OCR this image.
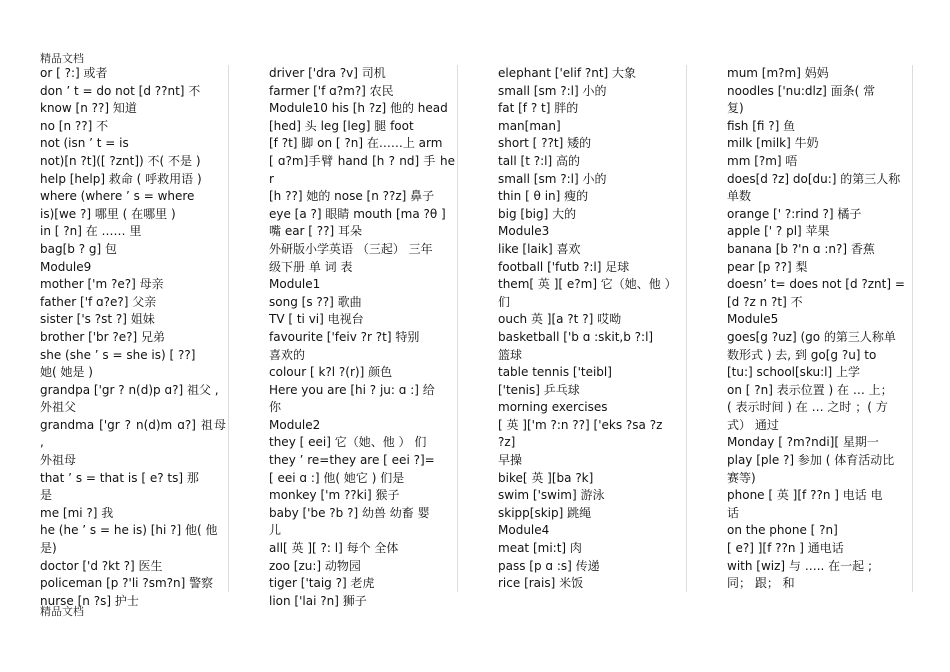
精品文档
or [ ?:] 或者
don ’ t = do not [d ??nt] 不
know [n ??] 知道
no [n ??] 不
not (isn ’ t = is
not)[n ?t]([ ?znt]) 不( 不是 )
help [help] 救命 ( 呼救用语 )
where (where ’ s = where
is)[we ?] 哪里 ( 在哪里 )
in [ ?n] 在 …… 里
bag[b ? g] 包
Module9
mother ['m ?e?] 母亲
father ['f ɑ?e?] 父亲
sister ['s ?st ?] 姐妹
brother ['br ?e?] 兄弟
she (she ’ s = she is) [ ??]
她( 她是 )
grandpa ['gr ? n(d)p ɑ?] 祖父 ,
外祖父
grandma ['gr ? n(d)m ɑ?] 祖母 ,
外祖母
that ’ s = that is [ e? ts] 那
是
me [mi ?] 我
he (he ’ s = he is) [hi ?] 他( 他
是)
doctor ['d ?kt ?] 医生
policeman [p ?'li ?sm?n] 警察
nurse [n ?s] 护士
driver ['dra ?v] 司机
farmer ['f ɑ?m?] 农民
Module10 his [h ?z] 他的 head
[hed] 头 leg [leg] 腿 foot
[f ?t] 脚 on [ ?n] 在……上 arm
[ ɑ?m]手臂 hand [h ? nd] 手 her
[h ??] 她的 nose [n ??z] 鼻子
eye [a ?] 眼睛 mouth [ma ?θ ]
嘴 ear [ ??] 耳朵
外研版小学英语 （三起） 三年
级下册 单 词 表
Module1
song [s ??] 歌曲
TV [ ti vi] 电视台
favourite ['feiv ?r ?t] 特别
喜欢的
colour [ k?l ?(r)] 颜色
Here you are [hi ? ju: ɑ :] 给
你
Module2
they [ eei] 它（她、他 ） 们
they ’ re=they are [ eei ?]=
[ eei ɑ :] 他( 她它 ) 们是
monkey ['m ??ki] 猴子
baby ['be ?b ?] 幼兽 幼畜 婴
儿
all[ 英 ][ ?: l] 每个 全体
zoo [zu:] 动物园
tiger ['taig ?] 老虎
lion ['lai ?n] 狮子
elephant ['elif ?nt] 大象
small [sm ?:l] 小的
fat [f ? t] 胖的
man[man]
short [ ??t] 矮的
tall [t ?:l] 高的
small [sm ?:l] 小的
thin [ θ in] 瘦的
big [big] 大的
Module3
like [laik] 喜欢
football ['futb ?:l] 足球
them[ 英 ][ e?m] 它（她、他 ）
们
ouch 英 ][a ?t ?] 哎呦
basketball ['b ɑ :skit,b ?:l]
篮球
table tennis ['teibl]
['tenis] 乒乓球
morning exercises
[ 英 ]['m ?:n ??] ['eks ?sa ?z
?z]
早操
bike[ 英 ][ba ?k]
swim ['swim] 游泳
skipp[skip] 跳绳
Module4
meat [mi:t] 肉
pass [p ɑ :s] 传递
rice [rais] 米饭
mum [m?m] 妈妈
noodles ['nu:dlz] 面条( 常
复)
fish [fi ?] 鱼
milk [milk] 牛奶
mm [?m] 唔
does[d ?z] do[du:] 的第三人称
单数
orange [' ?:rind ?] 橘子
apple [' ? pl] 苹果
banana [b ?'n ɑ :n?] 香蕉
pear [p ??] 梨
doesn’ t= does not [d ?znt] =
[d ?z n ?t] 不
Module5
goes[g ?uz] (go 的第三人称单
数形式 ) 去, 到 go[g ?u] to
[tu:] school[sku:l] 上学
on [ ?n] 表示位置 ) 在 … 上；
( 表示时间 ) 在 … 之时 ；( 方
式） 通过
Monday [ ?m?ndi][ 星期一
play [ple ?] 参加 ( 体育活动比
赛等)
phone [ 英 ][f ??n ] 电话 电
话
on the phone [ ?n]
[ e?] ][f ??n ] 通电话
with [wiz] 与 ….. 在一起 ;
同； 跟； 和
精品文档
